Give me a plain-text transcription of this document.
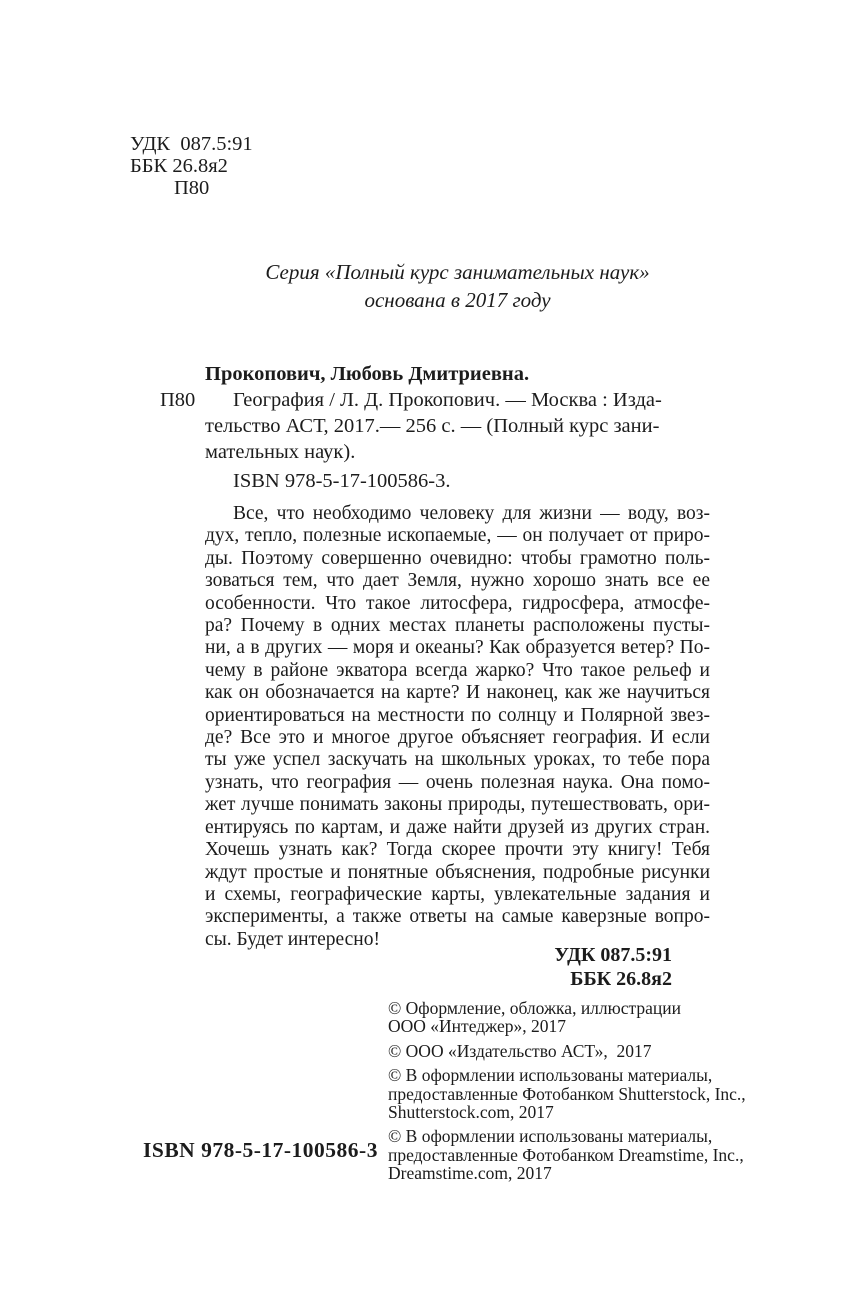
УДК  087.5:91
ББК 26.8я2
П80
Серия «Полный курс занимательных наук»
основана в 2017 году
П80
Прокопович, Любовь Дмитриевна.
География / Л. Д. Прокопович. — Москва : Изда-
тельство АСТ, 2017.— 256 с. — (Полный курс зани-
мательных наук).
ISBN 978-5-17-100586-3.
Все, что необходимо человеку для жизни — воду, воз-
дух, тепло, полезные ископаемые, — он получает от приро-
ды. Поэтому совершенно очевидно: чтобы грамотно поль-
зоваться тем, что дает Земля, нужно хорошо знать все ее
особенности. Что такое литосфера, гидросфера, атмосфе-
ра? Почему в одних местах планеты расположены пусты-
ни, а в других — моря и океаны? Как образуется ветер? По-
чему в районе экватора всегда жарко? Что такое рельеф и
как он обозначается на карте? И наконец, как же научиться
ориентироваться на местности по солнцу и Полярной звез-
де? Все это и многое другое объясняет география. И если
ты уже успел заскучать на школьных уроках, то тебе пора
узнать, что география — очень полезная наука. Она помо-
жет лучше понимать законы природы, путешествовать, ори-
ентируясь по картам, и даже найти друзей из других стран.
Хочешь узнать как? Тогда скорее прочти эту книгу! Тебя
ждут простые и понятные объяснения, подробные рисунки
и схемы, географические карты, увлекательные задания и
эксперименты, а также ответы на самые каверзные вопро-
сы. Будет интересно!
УДК 087.5:91
ББК 26.8я2
© Оформление, обложка, иллюстрации
ООО «Интеджер», 2017
© ООО «Издательство АСТ»,  2017
© В оформлении использованы материалы,
предоставленные Фотобанком Shutterstock, Inc.,
Shutterstock.com, 2017
© В оформлении использованы материалы,
предоставленные Фотобанком Dreamstime, Inc.,
Dreamstime.com, 2017
ISBN 978-5-17-100586-3
